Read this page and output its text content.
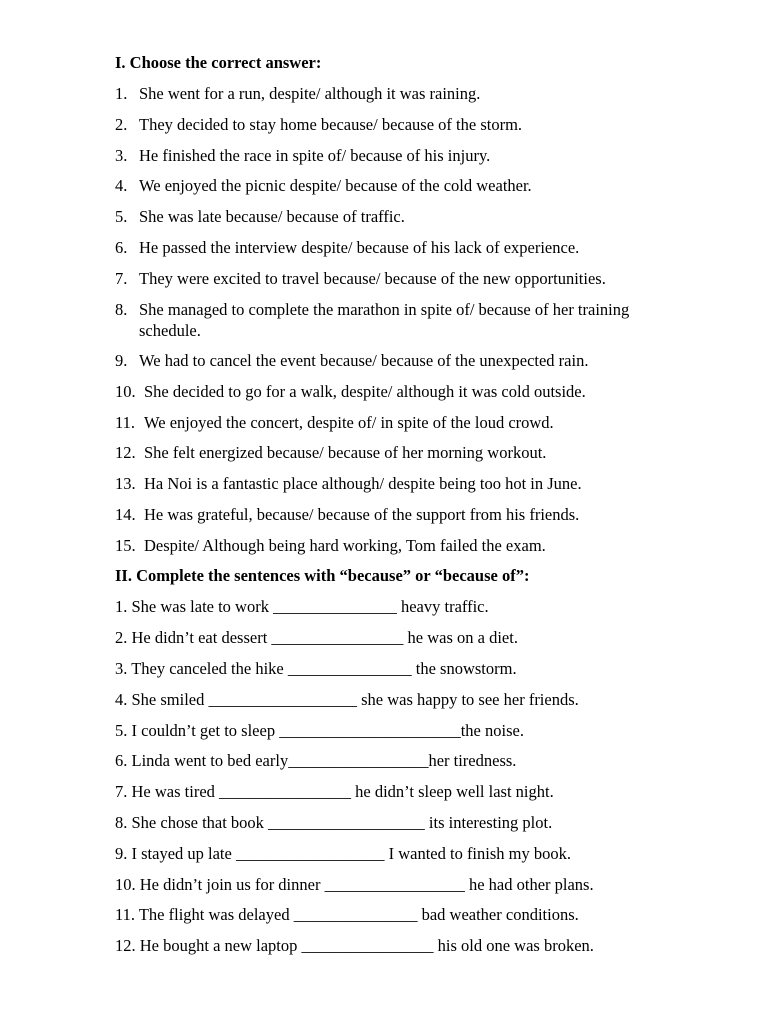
I. Choose the correct answer:
1. She went for a run, despite/ although it was raining.
2. They decided to stay home because/ because of the storm.
3. He finished the race in spite of/ because of his injury.
4. We enjoyed the picnic despite/ because of the cold weather.
5. She was late because/ because of traffic.
6. He passed the interview despite/ because of his lack of experience.
7. They were excited to travel because/ because of the new opportunities.
8. She managed to complete the marathon in spite of/ because of her training
schedule.
9. We had to cancel the event because/ because of the unexpected rain.
10. She decided to go for a walk, despite/ although it was cold outside.
11. We enjoyed the concert, despite of/ in spite of the loud crowd.
12. She felt energized because/ because of her morning workout.
13. Ha Noi is a fantastic place although/ despite being too hot in June.
14. He was grateful, because/ because of the support from his friends.
15. Despite/ Although being hard working, Tom failed the exam.
II. Complete the sentences with “because” or “because of”:
1. She was late to work _______________ heavy traffic.
2. He didn’t eat dessert ________________ he was on a diet.
3. They canceled the hike _______________ the snowstorm.
4. She smiled __________________ she was happy to see her friends.
5. I couldn’t get to sleep ______________________the noise.
6. Linda went to bed early_________________her tiredness.
7. He was tired ________________ he didn’t sleep well last night.
8. She chose that book ___________________ its interesting plot.
9. I stayed up late __________________ I wanted to finish my book.
10. He didn’t join us for dinner _________________ he had other plans.
11. The flight was delayed _______________ bad weather conditions.
12. He bought a new laptop ________________ his old one was broken.
